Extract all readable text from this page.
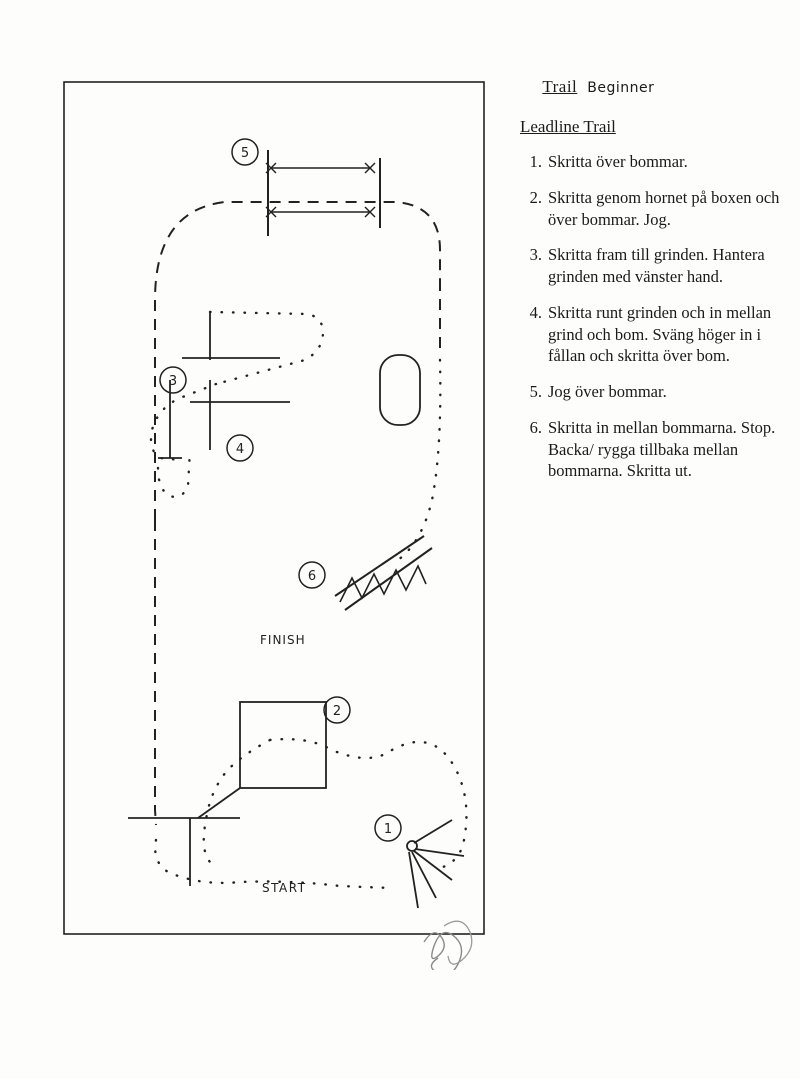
5
3
4
6
FINISH
2
1
START

Trail Beginner

Leadline Trail
1. Skritta över bommar.
2. Skritta genom hornet på boxen och över bommar. Jog.
3. Skritta fram till grinden. Hantera grinden med vänster hand.
4. Skritta runt grinden och in mellan grind och bom. Sväng höger in i fållan och skritta över bom.
5. Jog över bommar.
6. Skritta in mellan bommarna. Stop. Backa/ rygga tillbaka mellan bommarna. Skritta ut.
